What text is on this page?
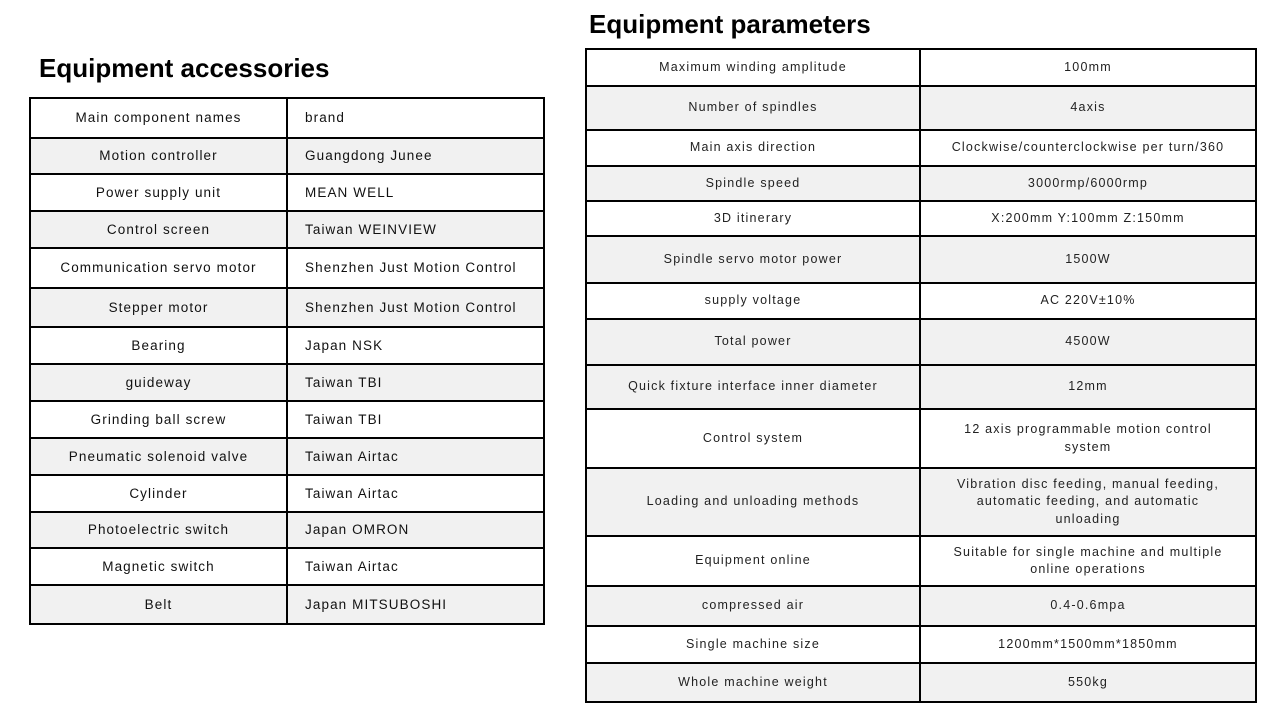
Equipment accessories
Main component names	brand
Motion controller	Guangdong Junee
Power supply unit	MEAN WELL
Control screen	Taiwan WEINVIEW
Communication servo motor	Shenzhen Just Motion Control
Stepper motor	Shenzhen Just Motion Control
Bearing	Japan NSK
guideway	Taiwan TBI
Grinding ball screw	Taiwan TBI
Pneumatic solenoid valve	Taiwan Airtac
Cylinder	Taiwan Airtac
Photoelectric switch	Japan OMRON
Magnetic switch	Taiwan Airtac
Belt	Japan MITSUBOSHI
Equipment parameters
Maximum winding amplitude	100mm
Number of spindles	4axis
Main axis direction	Clockwise/counterclockwise per turn/360
Spindle speed	3000rmp/6000rmp
3D itinerary	X:200mm Y:100mm Z:150mm
Spindle servo motor power	1500W
supply voltage	AC 220V±10%
Total power	4500W
Quick fixture interface inner diameter	12mm
Control system	12 axis programmable motion control system
Loading and unloading methods	Vibration disc feeding, manual feeding, automatic feeding, and automatic unloading
Equipment online	Suitable for single machine and multiple online operations
compressed air	0.4-0.6mpa
Single machine size	1200mm*1500mm*1850mm
Whole machine weight	550kg
